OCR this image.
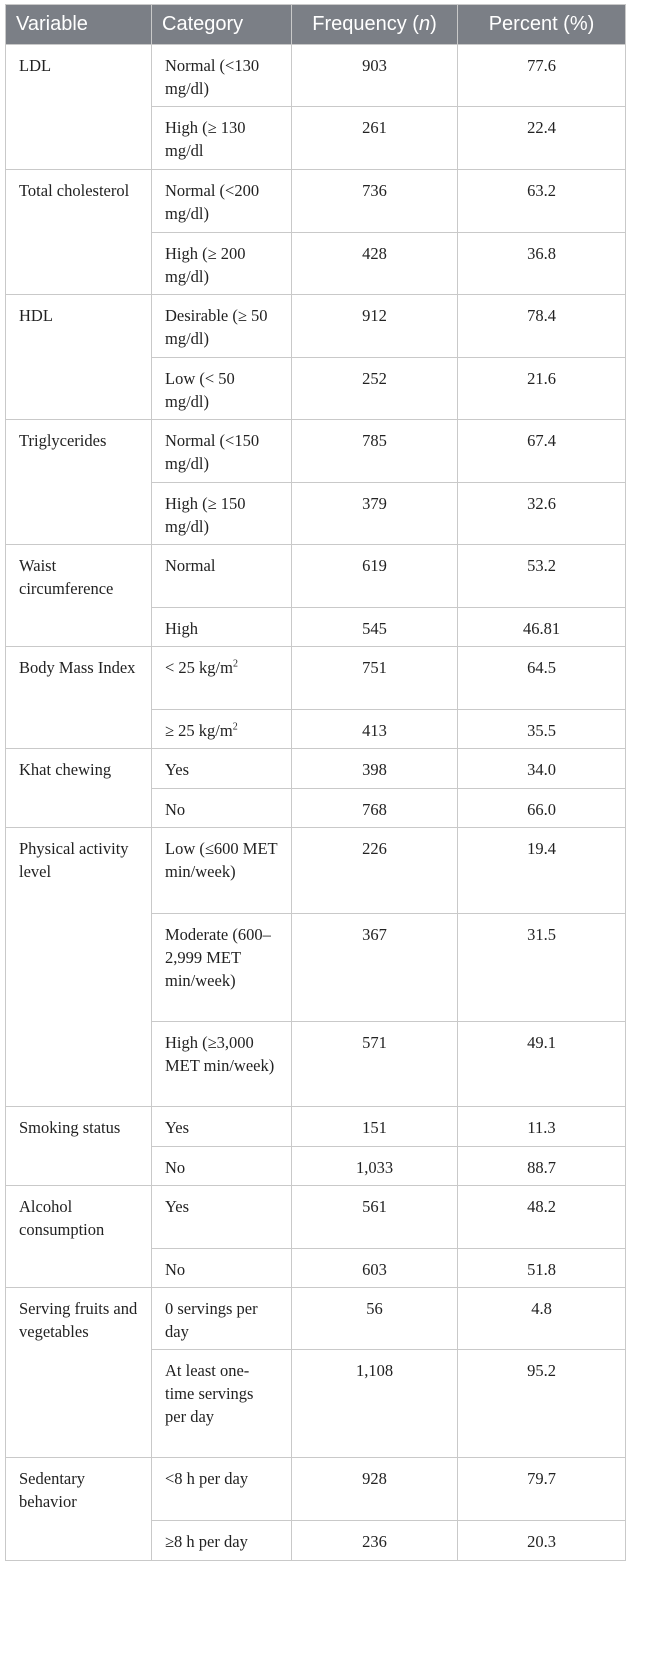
Variable	Category	Frequency (n)	Percent (%)
LDL	Normal (<130 mg/dl)	903	77.6
	High (≥ 130 mg/dl	261	22.4
Total cholesterol	Normal (<200 mg/dl)	736	63.2
	High (≥ 200 mg/dl)	428	36.8
HDL	Desirable (≥ 50 mg/dl)	912	78.4
	Low (< 50 mg/dl)	252	21.6
Triglycerides	Normal (<150 mg/dl)	785	67.4
	High (≥ 150 mg/dl)	379	32.6
Waist circumference	Normal	619	53.2
	High	545	46.81
Body Mass Index	< 25 $kg/m^2$	751	64.5
	≥ 25 $kg/m^2$	413	35.5
Khat chewing	Yes	398	34.0
	No	768	66.0
Physical activity level	Low (≤600 MET min/week)	226	19.4
	Moderate (600–2,999 MET min/week)	367	31.5
	High (≥3,000 MET min/week)	571	49.1
Smoking status	Yes	151	11.3
	No	1,033	88.7
Alcohol consumption	Yes	561	48.2
	No	603	51.8
Serving fruits and vegetables	0 servings per day	56	4.8
	At least one-time servings per day	1,108	95.2
Sedentary behavior	<8 h per day	928	79.7
	≥8 h per day	236	20.3
